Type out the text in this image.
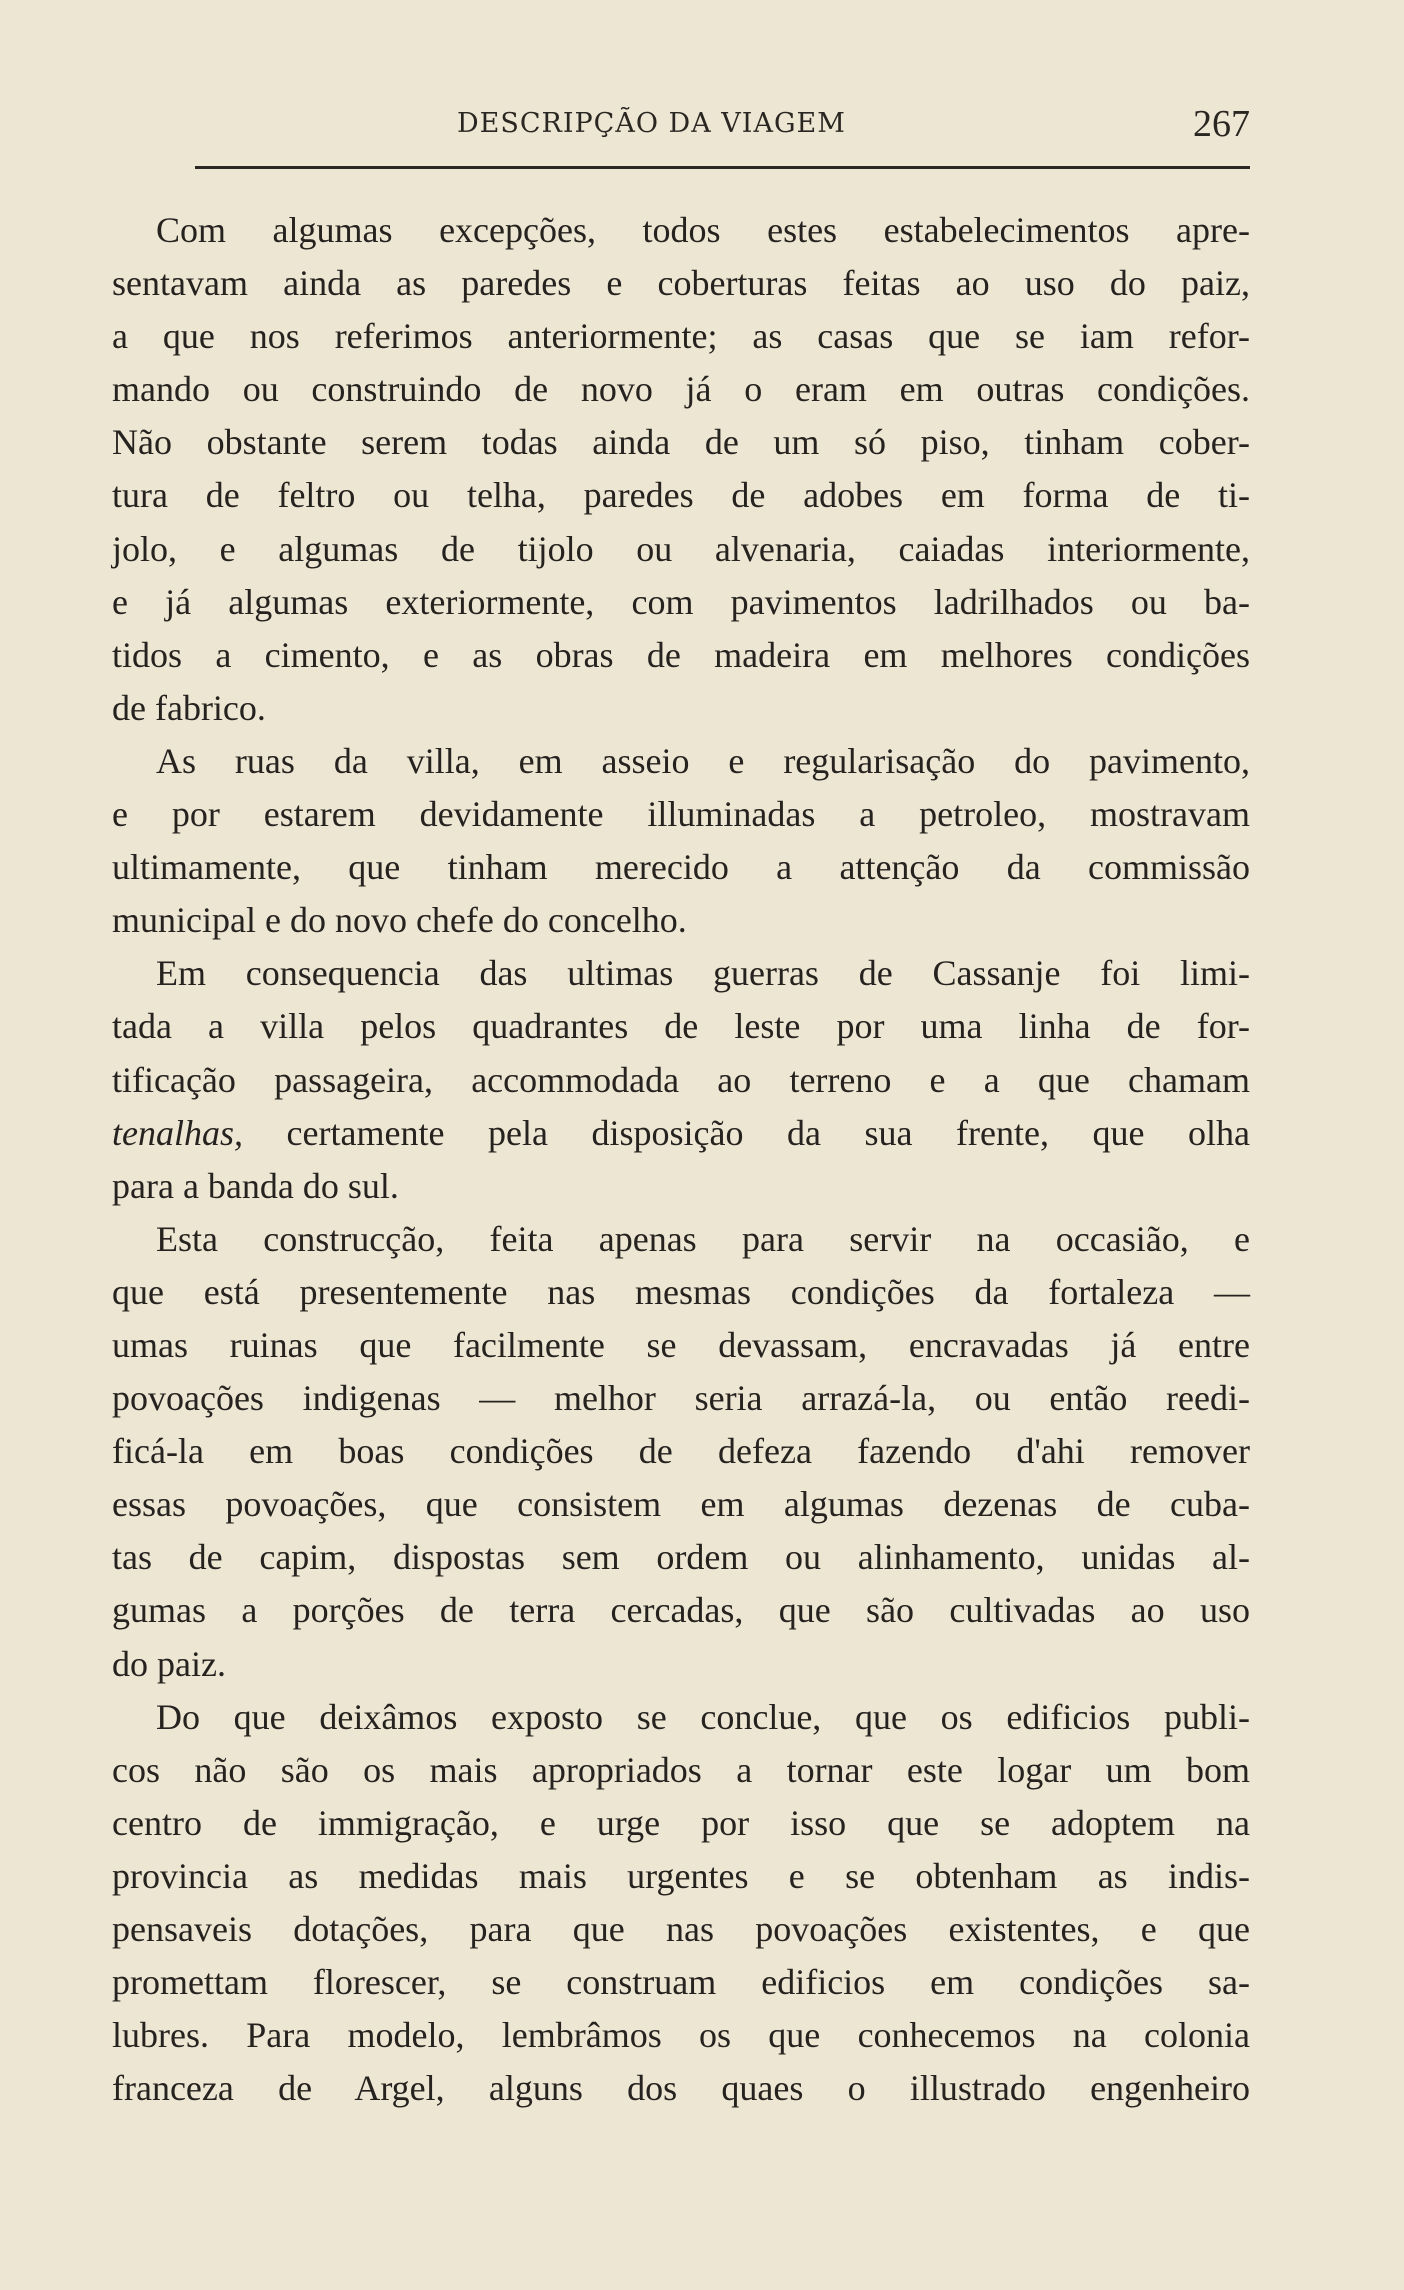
DESCRIPÇÃO DA VIAGEM	267
Com algumas excepções, todos estes estabelecimentos apre-
sentavam ainda as paredes e coberturas feitas ao uso do paiz,
a que nos referimos anteriormente; as casas que se iam refor-
mando ou construindo de novo já o eram em outras condições.
Não obstante serem todas ainda de um só piso, tinham cober-
tura de feltro ou telha, paredes de adobes em forma de ti-
jolo, e algumas de tijolo ou alvenaria, caiadas interiormente,
e já algumas exteriormente, com pavimentos ladrilhados ou ba-
tidos a cimento, e as obras de madeira em melhores condições
de fabrico.
As ruas da villa, em asseio e regularisação do pavimento,
e por estarem devidamente illuminadas a petroleo, mostravam
ultimamente, que tinham merecido a attenção da commissão
municipal e do novo chefe do concelho.
Em consequencia das ultimas guerras de Cassanje foi limi-
tada a villa pelos quadrantes de leste por uma linha de for-
tificação passageira, accommodada ao terreno e a que chamam
tenalhas, certamente pela disposição da sua frente, que olha
para a banda do sul.
Esta construcção, feita apenas para servir na occasião, e
que está presentemente nas mesmas condições da fortaleza —
umas ruinas que facilmente se devassam, encravadas já entre
povoações indigenas — melhor seria arrazá-la, ou então reedi-
ficá-la em boas condições de defeza fazendo d'ahi remover
essas povoações, que consistem em algumas dezenas de cuba-
tas de capim, dispostas sem ordem ou alinhamento, unidas al-
gumas a porções de terra cercadas, que são cultivadas ao uso
do paiz.
Do que deixâmos exposto se conclue, que os edificios publi-
cos não são os mais apropriados a tornar este logar um bom
centro de immigração, e urge por isso que se adoptem na
provincia as medidas mais urgentes e se obtenham as indis-
pensaveis dotações, para que nas povoações existentes, e que
promettam florescer, se construam edificios em condições sa-
lubres. Para modelo, lembrâmos os que conhecemos na colonia
franceza de Argel, alguns dos quaes o illustrado engenheiro
